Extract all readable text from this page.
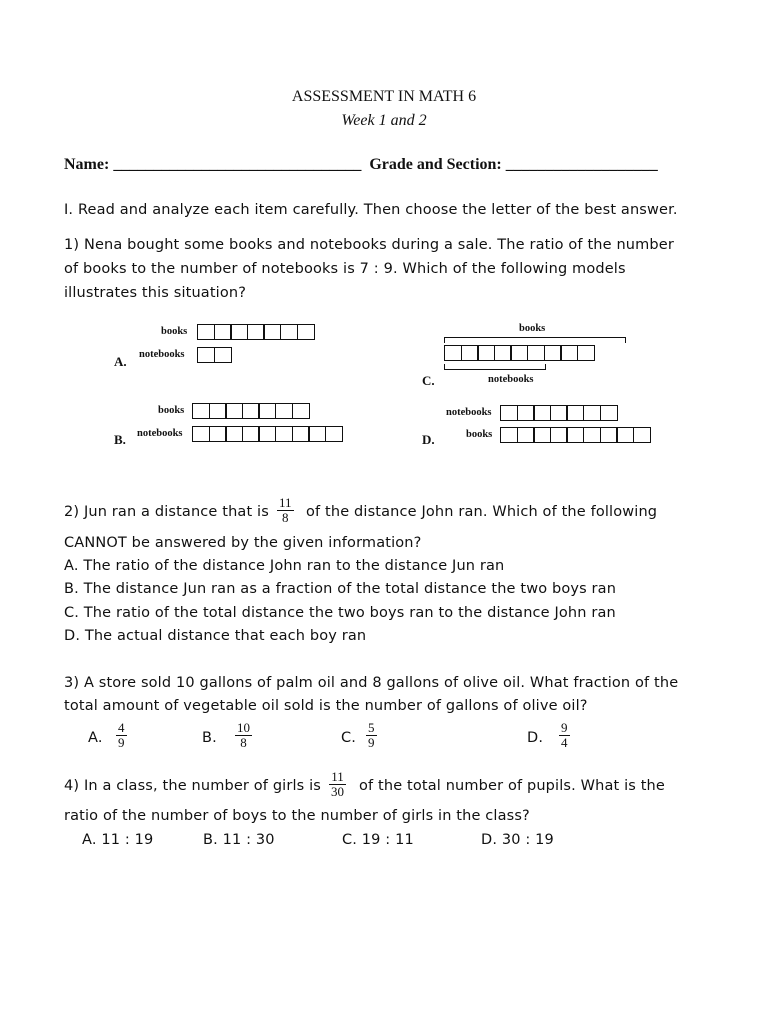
ASSESSMENT IN MATH 6
Week 1 and 2
Name: _______________________________ Grade and Section: ___________________
I. Read and analyze each item carefully. Then choose the letter of the best answer.
1) Nena bought some books and notebooks during a sale. The ratio of the number
of books to the number of notebooks is 7 : 9. Which of the following models
illustrates this situation?
books
notebooks
A.
books
notebooks
B.
books
notebooks
C.
notebooks
books
D.
2) Jun ran a distance that is $\frac{11}{8}$ of the distance John ran. Which of the following
CANNOT be answered by the given information?
A. The ratio of the distance John ran to the distance Jun ran
B. The distance Jun ran as a fraction of the total distance the two boys ran
C. The ratio of the total distance the two boys ran to the distance John ran
D. The actual distance that each boy ran
3) A store sold 10 gallons of palm oil and 8 gallons of olive oil. What fraction of the
total amount of vegetable oil sold is the number of gallons of olive oil?
A. $\frac{4}{9}$	B. $\frac{10}{8}$	C. $\frac{5}{9}$	D. $\frac{9}{4}$
4) In a class, the number of girls is $\frac{11}{30}$ of the total number of pupils. What is the
ratio of the number of boys to the number of girls in the class?
A. 11 : 19	B. 11 : 30	C. 19 : 11	D. 30 : 19
